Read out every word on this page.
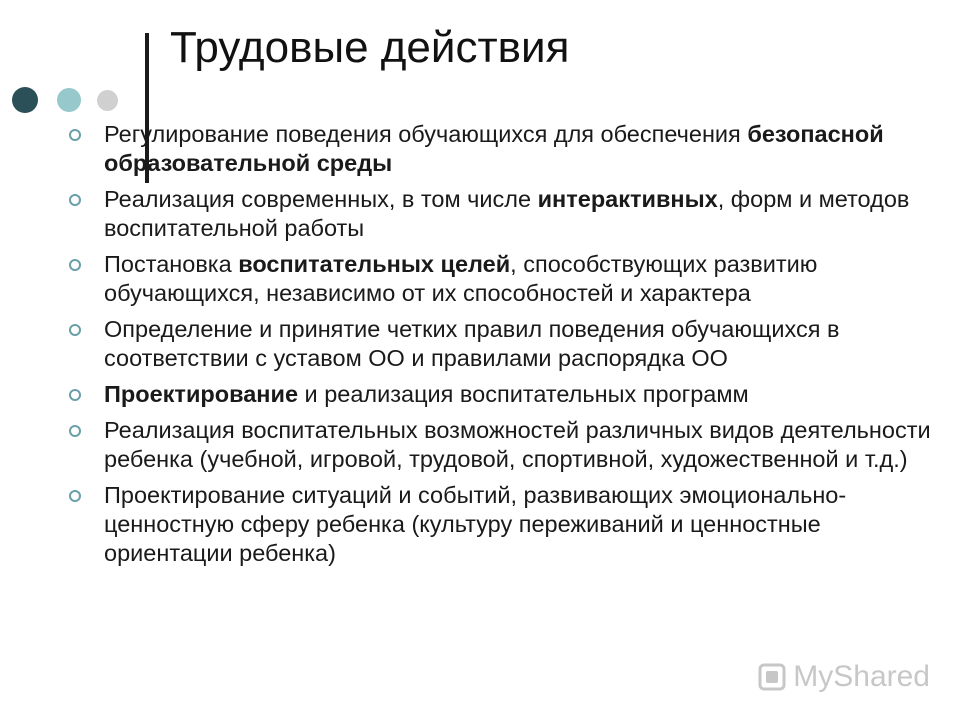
Трудовые действия
Регулирование поведения обучающихся для обеспечения безопасной образовательной среды
Реализация современных, в том числе интерактивных, форм и методов воспитательной работы
Постановка воспитательных целей, способствующих развитию обучающихся, независимо от их способностей и характера
Определение и принятие четких правил поведения обучающихся в соответствии с уставом ОО и правилами распорядка ОО
Проектирование и реализация воспитательных программ
Реализация воспитательных возможностей различных видов деятельности ребенка (учебной, игровой, трудовой, спортивной, художественной и т.д.)
Проектирование ситуаций и событий, развивающих эмоционально-ценностную сферу ребенка (культуру переживаний и ценностные ориентации ребенка)
MyShared
